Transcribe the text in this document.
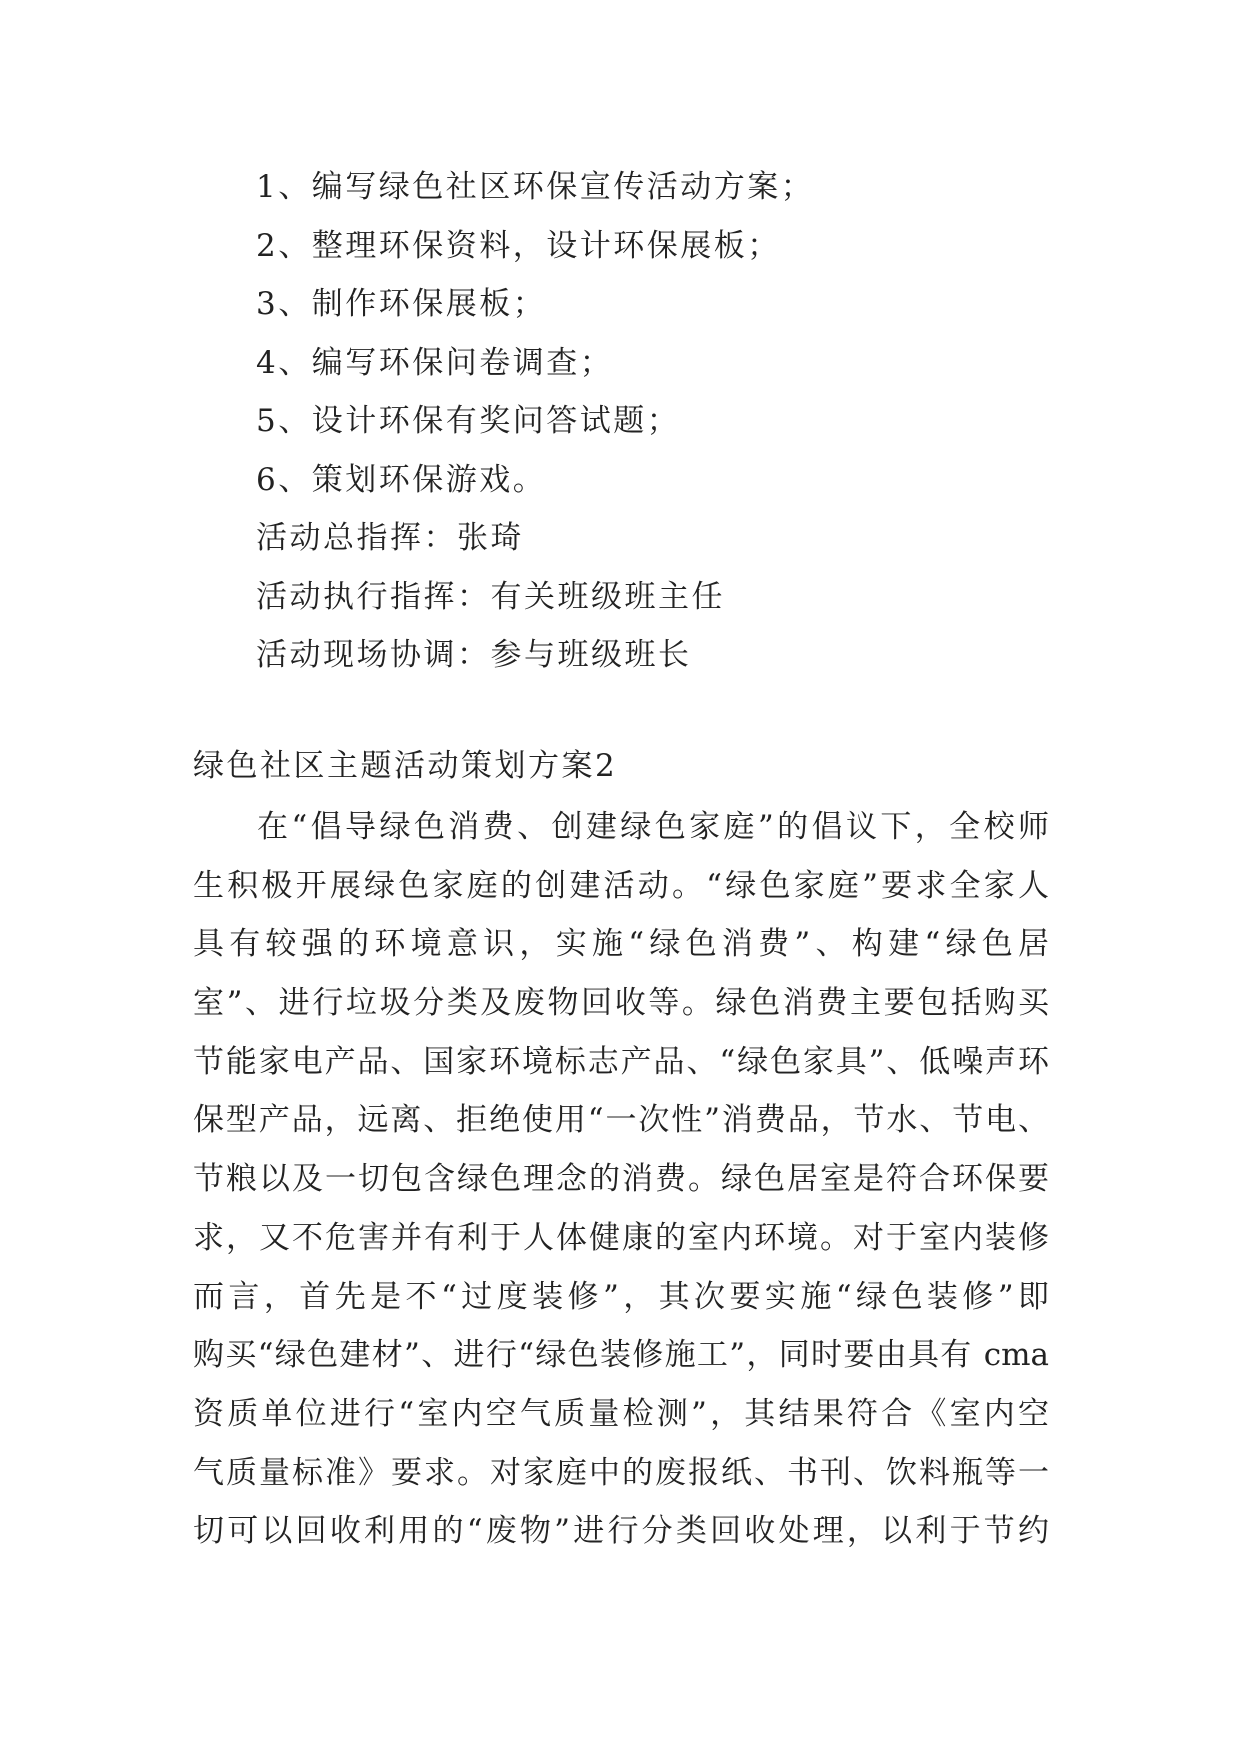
1、编写绿色社区环保宣传活动方案；
2、整理环保资料，设计环保展板；
3、制作环保展板；
4、编写环保问卷调查；
5、设计环保有奖问答试题；
6、策划环保游戏。
活动总指挥：张琦
活动执行指挥：有关班级班主任
活动现场协调：参与班级班长
绿色社区主题活动策划方案2
在“倡导绿色消费、创建绿色家庭”的倡议下，全校师
生积极开展绿色家庭的创建活动。“绿色家庭”要求全家人
具有较强的环境意识，实施“绿色消费”、构建“绿色居
室”、进行垃圾分类及废物回收等。绿色消费主要包括购买
节能家电产品、国家环境标志产品、“绿色家具”、低噪声环
保型产品，远离、拒绝使用“一次性”消费品，节水、节电、
节粮以及一切包含绿色理念的消费。绿色居室是符合环保要
求，又不危害并有利于人体健康的室内环境。对于室内装修
而言，首先是不“过度装修”，其次要实施“绿色装修”即
购买“绿色建材”、进行“绿色装修施工”，同时要由具有 cma
资质单位进行“室内空气质量检测”，其结果符合《室内空
气质量标准》要求。对家庭中的废报纸、书刊、饮料瓶等一
切可以回收利用的“废物”进行分类回收处理，以利于节约
